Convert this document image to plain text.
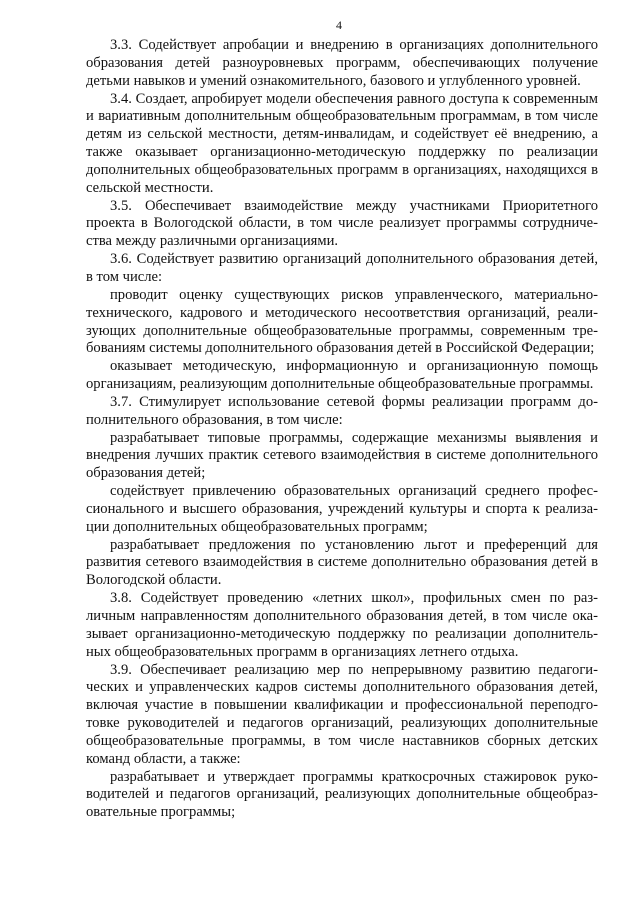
4

3.3. Содействует апробации и внедрению в организациях дополнительного образования детей разноуровневых программ, обеспечивающих получение детьми навыков и умений ознакомительного, базового и углубленного уровней.

3.4. Создает, апробирует модели обеспечения равного доступа к современным и вариативным дополнительным общеобразовательным программам, в том числе детям из сельской местности, детям-инвалидам, и содействует её внедрению, а также оказывает организационно-методическую поддержку по реализации дополнительных общеобразовательных программ в организациях, находящихся в сельской местности.

3.5. Обеспечивает взаимодействие между участниками Приоритетного проекта в Вологодской области, в том числе реализует программы сотрудничества между различными организациями.

3.6. Содействует развитию организаций дополнительного образования детей, в том числе:

проводит оценку существующих рисков управленческого, материально-технического, кадрового и методического несоответствия организаций, реализующих дополнительные общеобразовательные программы, современным требованиям системы дополнительного образования детей в Российской Федерации;

оказывает методическую, информационную и организационную помощь организациям, реализующим дополнительные общеобразовательные программы.

3.7. Стимулирует использование сетевой формы реализации программ дополнительного образования, в том числе:

разрабатывает типовые программы, содержащие механизмы выявления и внедрения лучших практик сетевого взаимодействия в системе дополнительного образования детей;

содействует привлечению образовательных организаций среднего профессионального и высшего образования, учреждений культуры и спорта к реализации дополнительных общеобразовательных программ;

разрабатывает предложения по установлению льгот и преференций для развития сетевого взаимодействия в системе дополнительно образования детей в Вологодской области.

3.8. Содействует проведению «летних школ», профильных смен по различным направленностям дополнительного образования детей, в том числе оказывает организационно-методическую поддержку по реализации дополнительных общеобразовательных программ в организациях летнего отдыха.

3.9. Обеспечивает реализацию мер по непрерывному развитию педагогических и управленческих кадров системы дополнительного образования детей, включая участие в повышении квалификации и профессиональной переподготовке руководителей и педагогов организаций, реализующих дополнительные общеобразовательные программы, в том числе наставников сборных детских команд области, а также:

разрабатывает и утверждает программы краткосрочных стажировок руководителей и педагогов организаций, реализующих дополнительные общеобразовательные программы;
